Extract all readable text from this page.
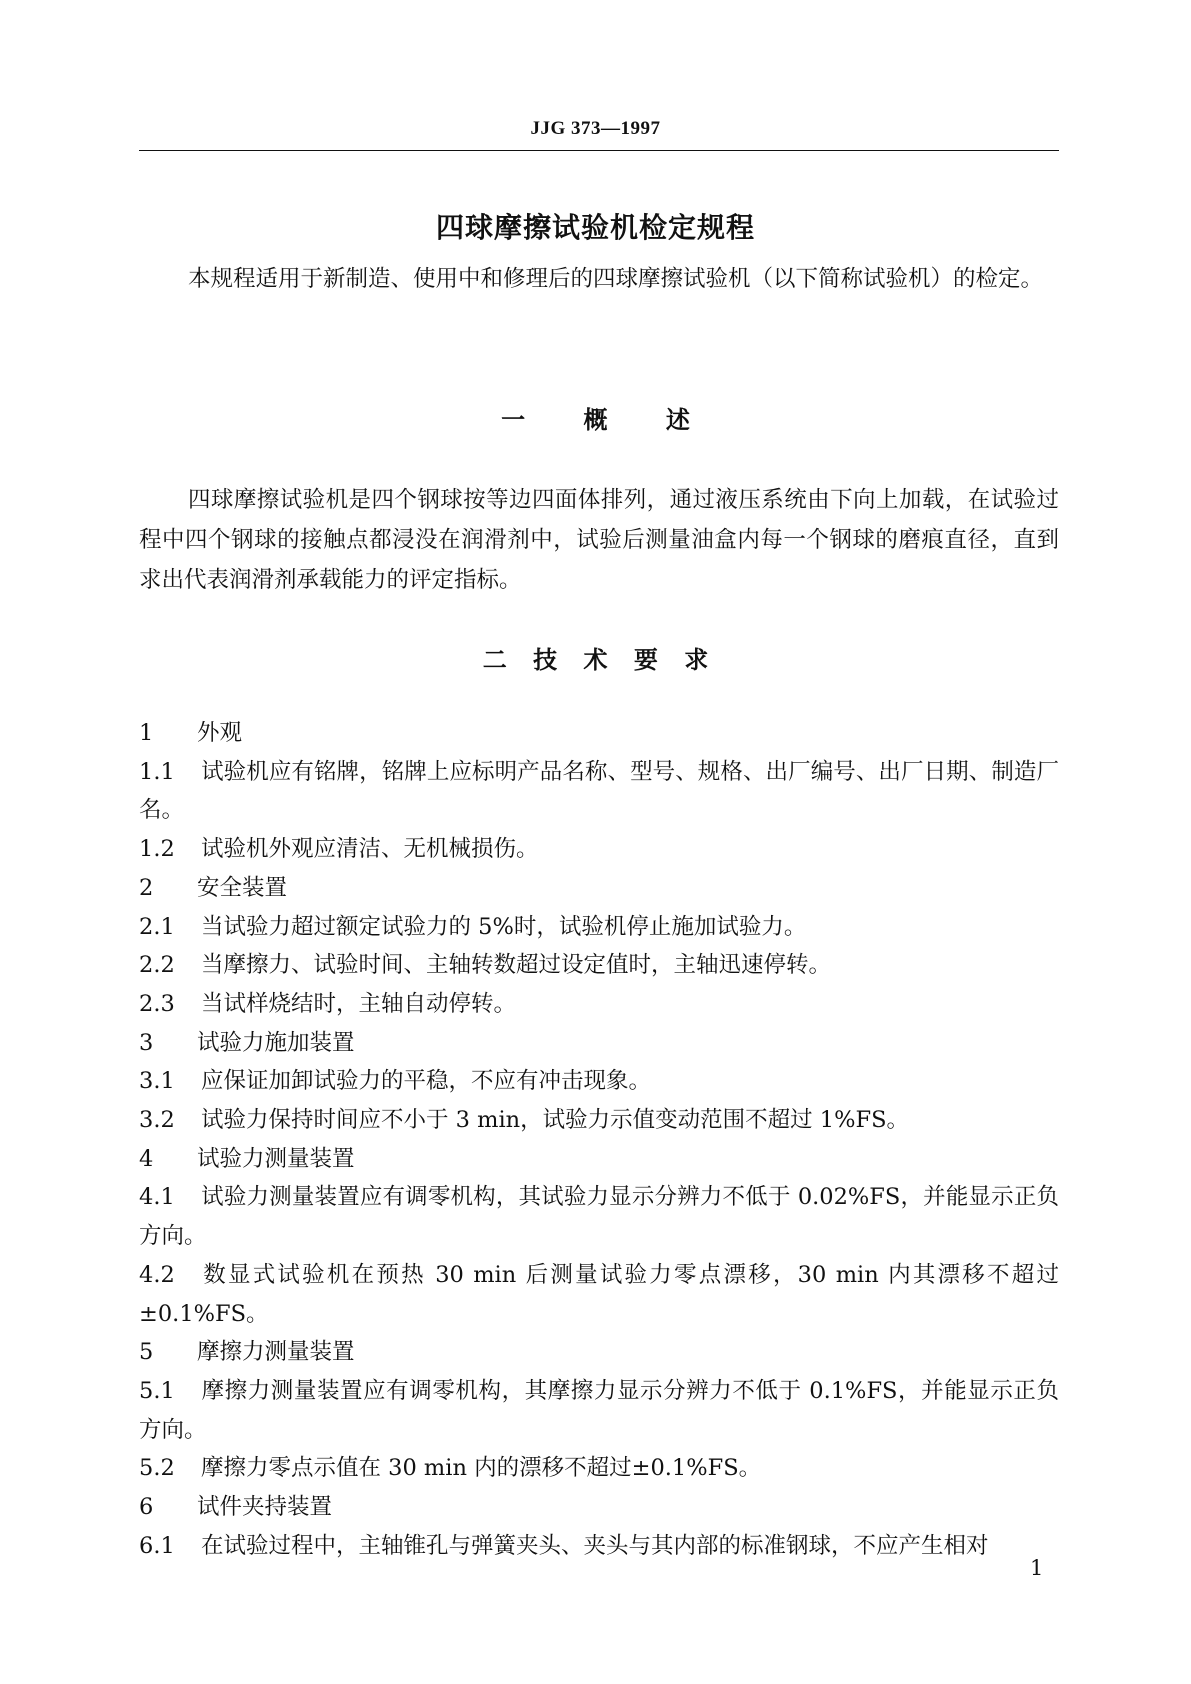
JJG 373—1997
四球摩擦试验机检定规程

本规程适用于新制造、使用中和修理后的四球摩擦试验机（以下简称试验机）的检定。

一 概 述

四球摩擦试验机是四个钢球按等边四面体排列，通过液压系统由下向上加载，在试验过程中四个钢球的接触点都浸没在润滑剂中，试验后测量油盒内每一个钢球的磨痕直径，直到求出代表润滑剂承载能力的评定指标。

二 技 术 要 求
1	外观
1.1 试验机应有铭牌，铭牌上应标明产品名称、型号、规格、出厂编号、出厂日期、制造厂名。
1.2 试验机外观应清洁、无机械损伤。
2	安全装置
2.1 当试验力超过额定试验力的 5%时，试验机停止施加试验力。
2.2 当摩擦力、试验时间、主轴转数超过设定值时，主轴迅速停转。
2.3 当试样烧结时，主轴自动停转。
3	试验力施加装置
3.1 应保证加卸试验力的平稳，不应有冲击现象。
3.2 试验力保持时间应不小于 3 min，试验力示值变动范围不超过 1%FS。
4	试验力测量装置
4.1 试验力测量装置应有调零机构，其试验力显示分辨力不低于 0.02%FS，并能显示正负方向。
4.2 数显式试验机在预热 30 min 后测量试验力零点漂移，30 min 内其漂移不超过±0.1%FS。
5	摩擦力测量装置
5.1 摩擦力测量装置应有调零机构，其摩擦力显示分辨力不低于 0.1%FS，并能显示正负方向。
5.2 摩擦力零点示值在 30 min 内的漂移不超过±0.1%FS。
6	试件夹持装置
6.1 在试验过程中，主轴锥孔与弹簧夹头、夹头与其内部的标准钢球，不应产生相对
1
